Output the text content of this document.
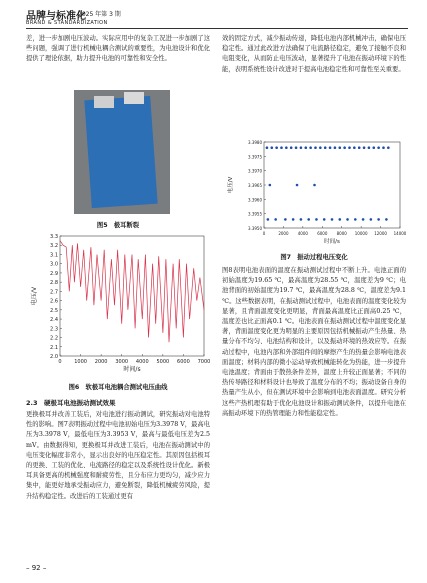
品牌与标准化
2025 年第 3 期
BRAND & STANDARDIZATION

差，进一步加剧电压波动。实际应用中的复杂工况进一步加剧了这些问题，强调了进行机械电耦合测试的重要性，为电池设计和优化提供了理论依据，助力提升电池的可靠性和安全性。

图5　极耳断裂
0	1000 2000 3000 4000 5000 6000 7000
2.0
2.1
2.2
2.3
2.4
2.5
2.6
2.7
2.8
2.9
3.0
3.1
3.2
3.3
时间/s
电压/V
图6　软极耳电池耦合测试电压曲线
2.3　硬极耳电池振动测试效果

更换极耳并改善工装后，对电池进行振动测试，研究振动对电池特性的影响。图7表明振动过程中电池初始电压为3.3978 V，最高电压为3.3978 V，最低电压为3.3953 V，最高与最低电压差为2.5 mV。由数据得知，更换极耳并改进工装后，电池在振动测试中的电压变化幅度非常小，显示出良好的电压稳定性。其原因包括极耳的更换、工装的优化、电流路径的稳定以及系统性设计优化。新极耳具备更高的机械强度和耐疲劳性，且分布应力更均匀，减少应力集中，能更好地承受振动应力，避免断裂，降低机械疲劳风险，提升结构稳定性。改进后的工装通过更有

效的固定方式，减少振动传递，降低电池内部机械冲击，确保电压稳定性。通过此改进方法确保了电流路径稳定，避免了接触不良和电阻变化，从而防止电压波动，显著提升了电池在振动环境下的性能，表明系统性设计改进对于提高电池稳定性和可靠性至关重要。

0	2000 4000 6000 8000 10000 12000 14000
3.3950
3.3955
3.3960
3.3965
3.3970
3.3975
3.3980
时间/s
电压/V
图7　振动过程电压变化

图8表明电池表面的温度在振动测试过程中不断上升。电池正面的初始温度为19.65 ℃，最高温度为28.55 ℃，温度差为9 ℃；电池背面的初始温度为19.7 ℃，最高温度为28.8 ℃，温度差为9.1 ℃。这些数据表明，在振动测试过程中，电池表面的温度变化较为显著，且背面温度变化更明显，背面最高温度比正面高0.25 ℃，温度差也比正面高0.1 ℃。电池表面在振动测试过程中温度变化显著，背面温度变化更为明显的主要原因包括机械振动产生热量、热量分布不均匀、电池结构和设计，以及振动环境的热效应等。在振动过程中，电池内部和外部组件间的摩擦产生的热量会影响电池表面温度；材料内部的微小运动导致机械能转化为热能，进一步提升电池温度；背面由于散热条件差异，温度上升较正面显著；不同的热传导路径和材料设计也导致了温度分布的不均；振动设备自身的热量产生从小，但在测试环境中会影响到电池表面温度。研究分析这些产热机理有助于优化电池设计和振动测试条件，以提升电池在高振动环境下的热管理能力和性能稳定性。

– 92 –
